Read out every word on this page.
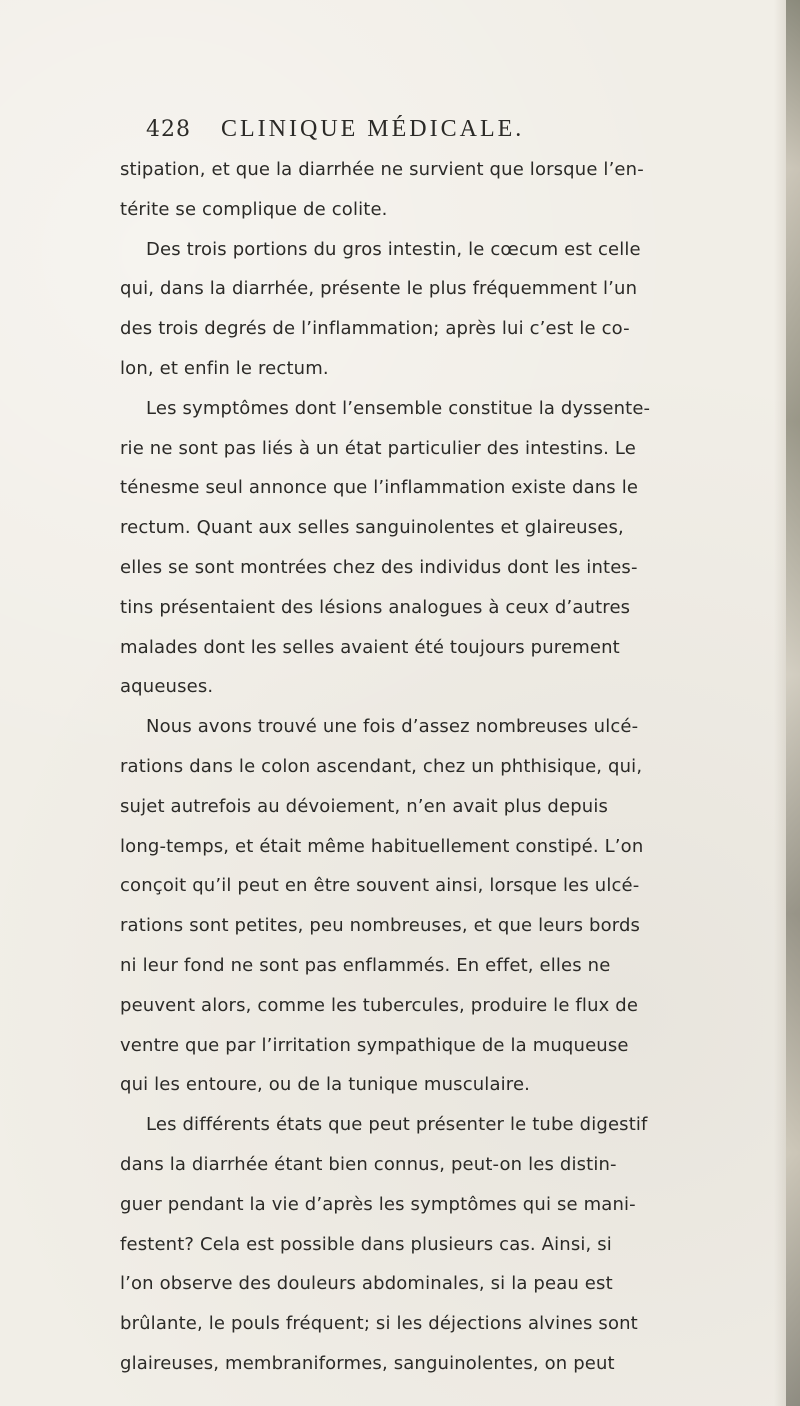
428 CLINIQUE MÉDICALE.
stipation, et que la diarrhée ne survient que lorsque l’en-
térite se complique de colite.
Des trois portions du gros intestin, le cœcum est celle
qui, dans la diarrhée, présente le plus fréquemment l’un
des trois degrés de l’inflammation; après lui c’est le co-
lon, et enfin le rectum.
Les symptômes dont l’ensemble constitue la dyssente-
rie ne sont pas liés à un état particulier des intestins. Le
ténesme seul annonce que l’inflammation existe dans le
rectum. Quant aux selles sanguinolentes et glaireuses,
elles se sont montrées chez des individus dont les intes-
tins présentaient des lésions analogues à ceux d’autres
malades dont les selles avaient été toujours purement
aqueuses.
Nous avons trouvé une fois d’assez nombreuses ulcé-
rations dans le colon ascendant, chez un phthisique, qui,
sujet autrefois au dévoiement, n’en avait plus depuis
long-temps, et était même habituellement constipé. L’on
conçoit qu’il peut en être souvent ainsi, lorsque les ulcé-
rations sont petites, peu nombreuses, et que leurs bords
ni leur fond ne sont pas enflammés. En effet, elles ne
peuvent alors, comme les tubercules, produire le flux de
ventre que par l’irritation sympathique de la muqueuse
qui les entoure, ou de la tunique musculaire.
Les différents états que peut présenter le tube digestif
dans la diarrhée étant bien connus, peut-on les distin-
guer pendant la vie d’après les symptômes qui se mani-
festent? Cela est possible dans plusieurs cas. Ainsi, si
l’on observe des douleurs abdominales, si la peau est
brûlante, le pouls fréquent; si les déjections alvines sont
glaireuses, membraniformes, sanguinolentes, on peut
